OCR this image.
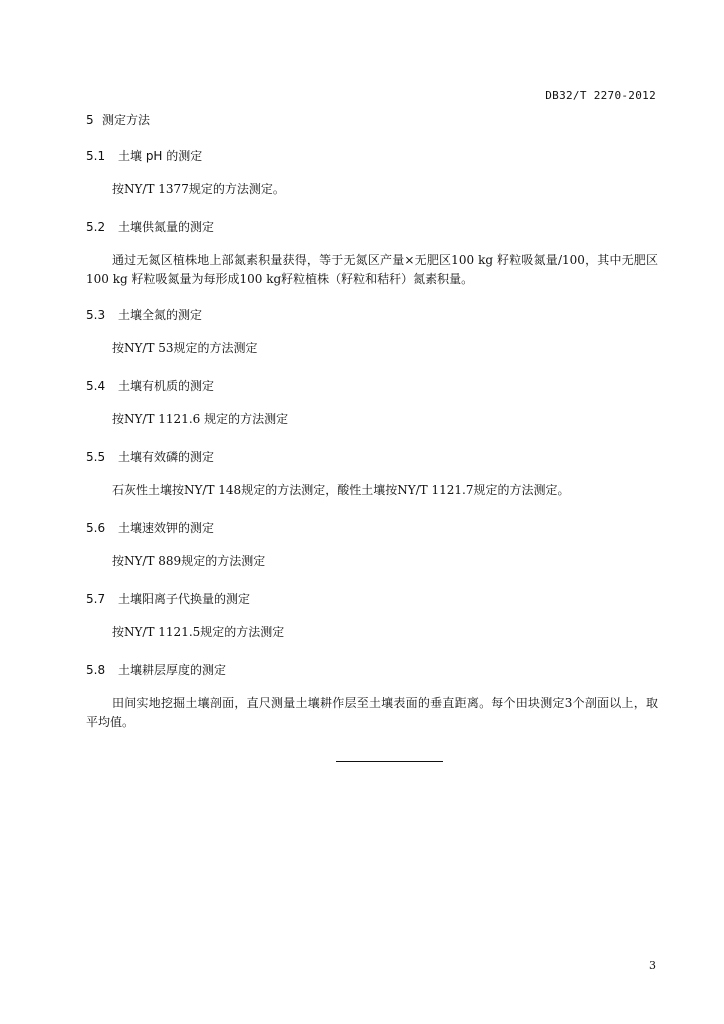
DB32/T 2270-2012
5 测定方法
5.1 土壤 pH 的测定

按NY/T 1377规定的方法测定。

5.2 土壤供氮量的测定

通过无氮区植株地上部氮素积量获得，等于无氮区产量×无肥区100 kg 籽粒吸氮量/100，其中无肥区100 kg 籽粒吸氮量为每形成100 kg籽粒植株（籽粒和秸秆）氮素积量。

5.3 土壤全氮的测定

按NY/T 53规定的方法测定

5.4 土壤有机质的测定

按NY/T 1121.6 规定的方法测定

5.5 土壤有效磷的测定

石灰性土壤按NY/T 148规定的方法测定，酸性土壤按NY/T 1121.7规定的方法测定。

5.6 土壤速效钾的测定

按NY/T 889规定的方法测定

5.7 土壤阳离子代换量的测定

按NY/T 1121.5规定的方法测定

5.8 土壤耕层厚度的测定

田间实地挖掘土壤剖面，直尺测量土壤耕作层至土壤表面的垂直距离。每个田块测定3个剖面以上，取平均值。

3
